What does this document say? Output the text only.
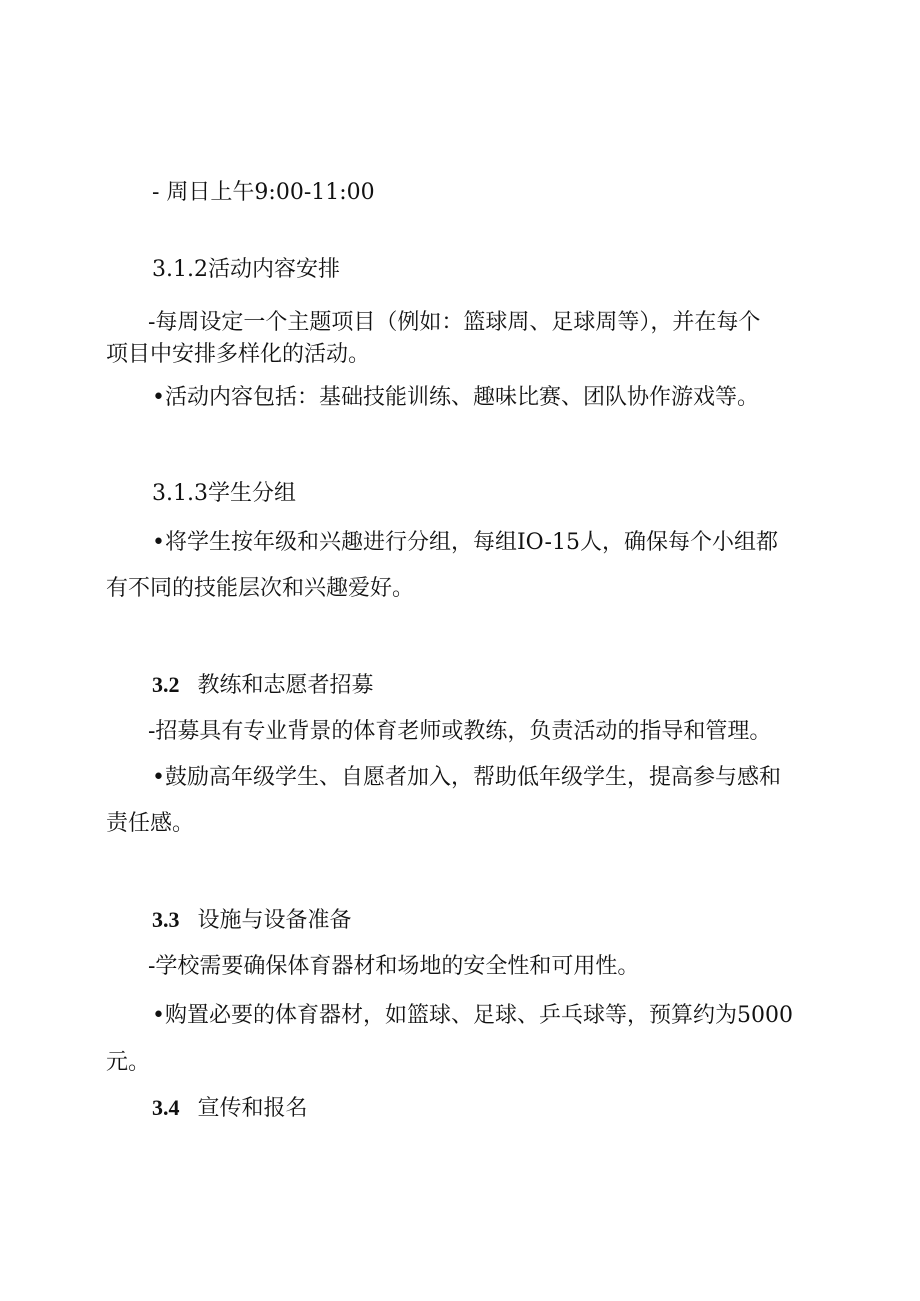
- 周日上午9:00-11:00
3.1.2活动内容安排
-每周设定一个主题项目（例如：篮球周、足球周等），并在每个
项目中安排多样化的活动。
•活动内容包括：基础技能训练、趣味比赛、团队协作游戏等。
3.1.3学生分组
•将学生按年级和兴趣进行分组，每组IO-15人，确保每个小组都
有不同的技能层次和兴趣爱好。
3.2 教练和志愿者招募
-招募具有专业背景的体育老师或教练，负责活动的指导和管理。
•鼓励高年级学生、自愿者加入，帮助低年级学生，提高参与感和
责任感。
3.3 设施与设备准备
-学校需要确保体育器材和场地的安全性和可用性。
•购置必要的体育器材，如篮球、足球、乒乓球等，预算约为5000
元。
3.4 宣传和报名
